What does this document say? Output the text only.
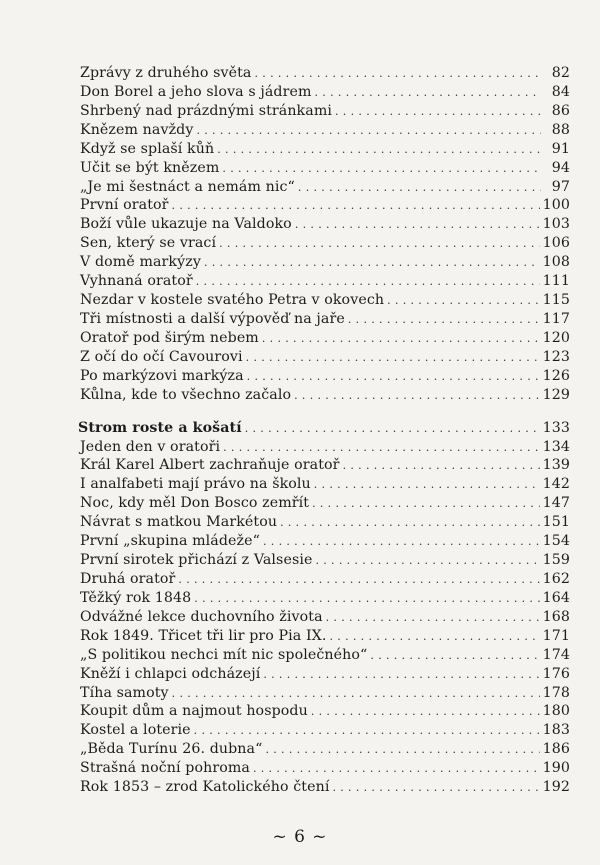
Zprávy z druhého světa . . .	82
Don Borel a jeho slova s jádrem . . .	84
Shrbený nad prázdnými stránkami . . .	86
Knězem navždy . . .	88
Když se splaší kůň . . .	91
Učit se být knězem . . .	94
„Je mi šestnáct a nemám nic“ . . .	97
První oratoř . . .	100
Boží vůle ukazuje na Valdoko . . .	103
Sen, který se vrací . . .	106
V domě markýzy . . .	108
Vyhnaná oratoř . . .	111
Nezdar v kostele svatého Petra v okovech . . .	115
Tři místnosti a další výpověď na jaře . . .	117
Oratoř pod širým nebem . . .	120
Z očí do očí Cavourovi . . .	123
Po markýzovi markýza . . .	126
Kůlna, kde to všechno začalo . . .	129
Strom roste a košatí . . .	133
Jeden den v oratoři . . .	134
Král Karel Albert zachraňuje oratoř . . .	139
I analfabeti mají právo na školu . . .	142
Noc, kdy měl Don Bosco zemřít . . .	147
Návrat s matkou Markétou . . .	151
První „skupina mládeže“ . . .	154
První sirotek přichází z Valsesie . . .	159
Druhá oratoř . . .	162
Těžký rok 1848 . . .	164
Odvážné lekce duchovního života . . .	168
Rok 1849. Třicet tři lir pro Pia IX. . . .	171
„S politikou nechci mít nic společného“ . . .	174
Kněží i chlapci odcházejí . . .	176
Tíha samoty . . .	178
Koupit dům a najmout hospodu . . .	180
Kostel a loterie . . .	183
„Běda Turínu 26. dubna“ . . .	186
Strašná noční pohroma . . .	190
Rok 1853 – zrod Katolického čtení . . .	192
~ 6 ~
